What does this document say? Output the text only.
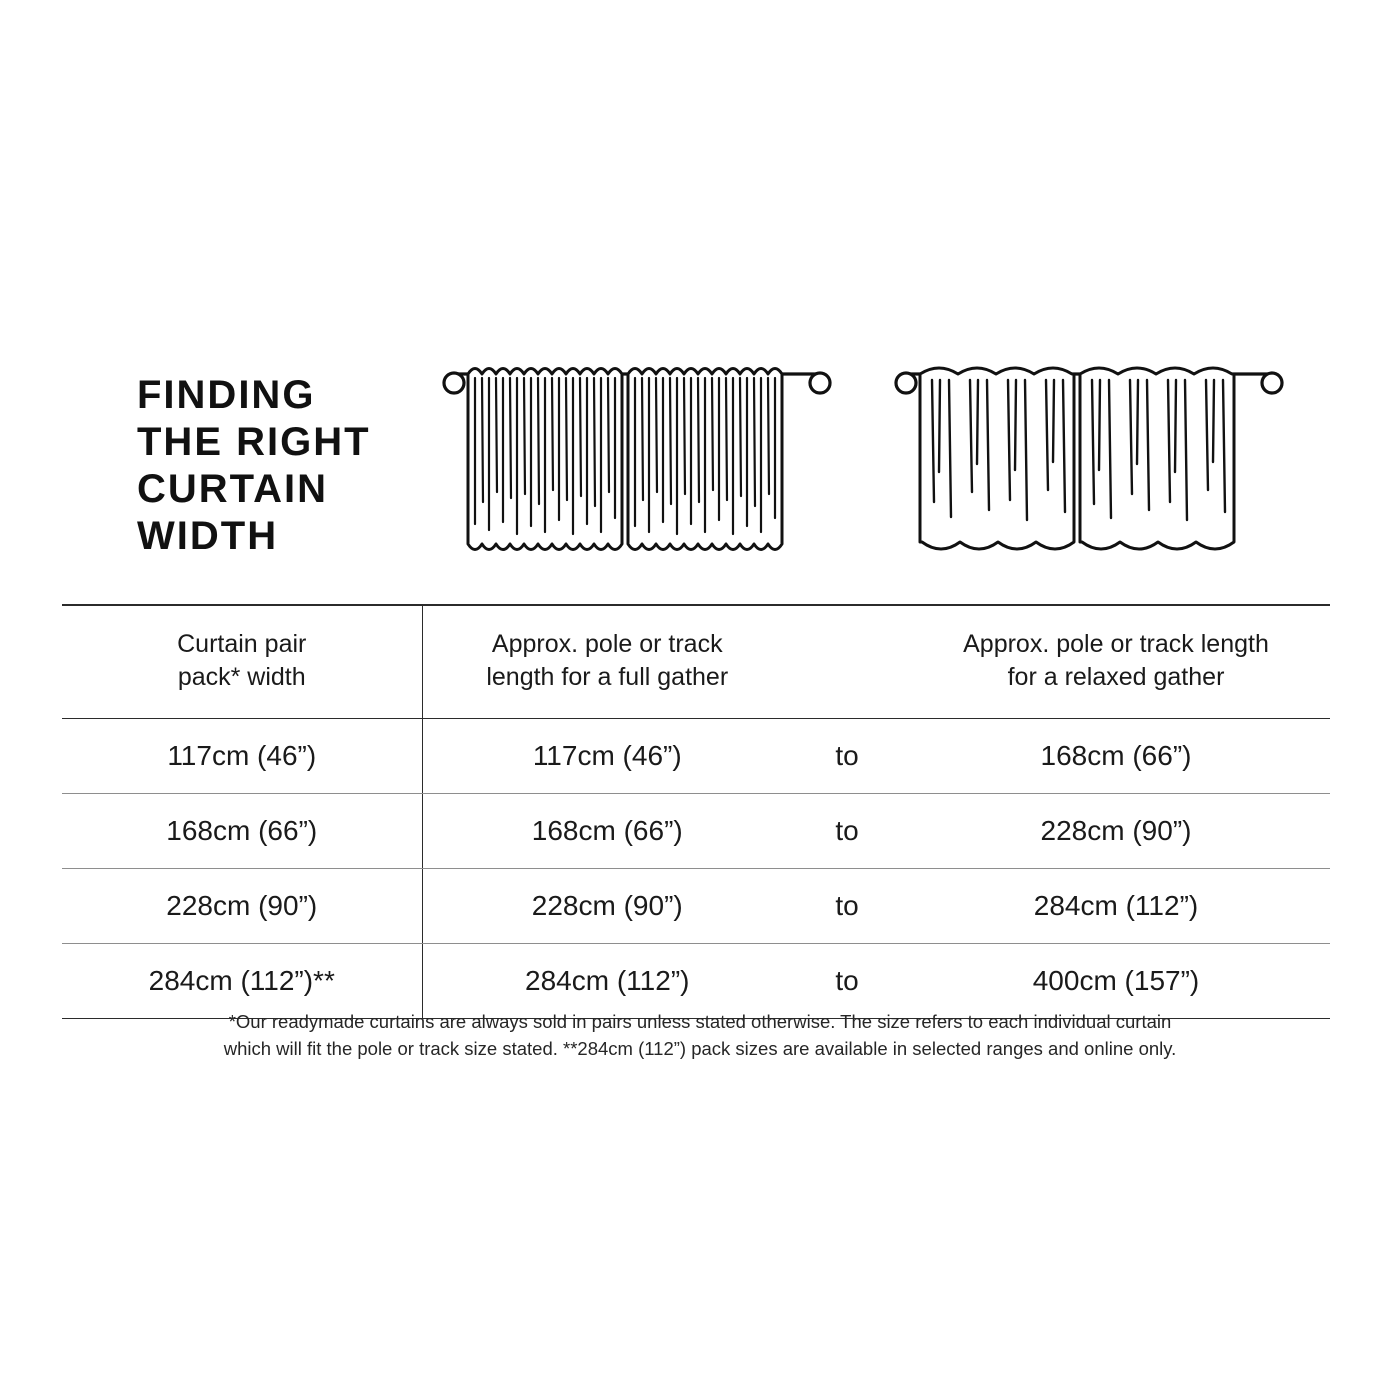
FINDING
THE RIGHT
CURTAIN
WIDTH
Curtain pair
pack* width

Approx. pole or track
length for a full gather

Approx. pole or track length
for a relaxed gather

117cm (46”)	117cm (46”)	to	168cm (66”)
168cm (66”)	168cm (66”)	to	228cm (90”)
228cm (90”)	228cm (90”)	to	284cm (112”)
284cm (112”)**	284cm (112”)	to	400cm (157”)
*Our readymade curtains are always sold in pairs unless stated otherwise. The size refers to each individual curtain
which will fit the pole or track size stated. **284cm (112”) pack sizes are available in selected ranges and online only.
